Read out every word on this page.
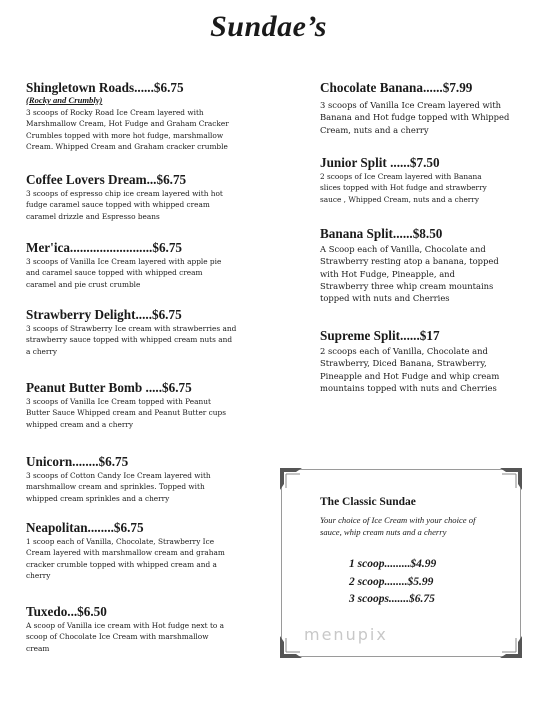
Sundae’s
Shingletown Roads......$6.75
(Rocky and Crumbly)
3 scoops of Rocky Road Ice Cream layered with
Marshmallow Cream, Hot Fudge and Graham Cracker
Crumbles topped with more hot fudge, marshmallow
Cream. Whipped Cream and Graham cracker crumble
Coffee Lovers Dream...$6.75
3 scoops of espresso chip ice cream layered with hot
fudge caramel sauce topped with whipped cream
caramel drizzle and Espresso beans
Mer'ica.........................$6.75
3 scoops of Vanilla Ice Cream layered with apple pie
and caramel sauce topped with whipped cream
caramel and pie crust crumble
Strawberry Delight.....$6.75
3 scoops of Strawberry Ice cream with strawberries and
strawberry sauce topped with whipped cream nuts and
a cherry
Peanut Butter Bomb .....$6.75
3 scoops of Vanilla Ice Cream topped with Peanut
Butter Sauce Whipped cream and Peanut Butter cups
whipped cream and a cherry
Unicorn........$6.75
3 scoops of Cotton Candy Ice Cream layered with
marshmallow cream and sprinkles. Topped with
whipped cream sprinkles and a cherry
Neapolitan........$6.75
1 scoop each of Vanilla, Chocolate, Strawberry Ice
Cream layered with marshmallow cream and graham
cracker crumble topped with whipped cream and a
cherry
Tuxedo...$6.50
A scoop of Vanilla ice cream with Hot fudge next to a
scoop of Chocolate Ice Cream with marshmallow
cream
Chocolate Banana......$7.99
3 scoops of Vanilla Ice Cream layered with
Banana and Hot fudge topped with Whipped
Cream, nuts and a cherry
Junior Split ......$7.50
2 scoops of Ice Cream layered with Banana
slices topped with Hot fudge and strawberry
sauce , Whipped Cream, nuts and a cherry
Banana Split......$8.50
A Scoop each of Vanilla, Chocolate and
Strawberry resting atop a banana, topped
with Hot Fudge, Pineapple, and
Strawberry three whip cream mountains
topped with nuts and Cherries
Supreme Split......$17
2 scoops each of Vanilla, Chocolate and
Strawberry, Diced Banana, Strawberry,
Pineapple and Hot Fudge and whip cream
mountains topped with nuts and Cherries
The Classic Sundae
Your choice of Ice Cream with your choice of
sauce, whip cream nuts and a cherry
1 scoop.........$4.99
2 scoop........$5.99
3 scoops.......$6.75
menupix
